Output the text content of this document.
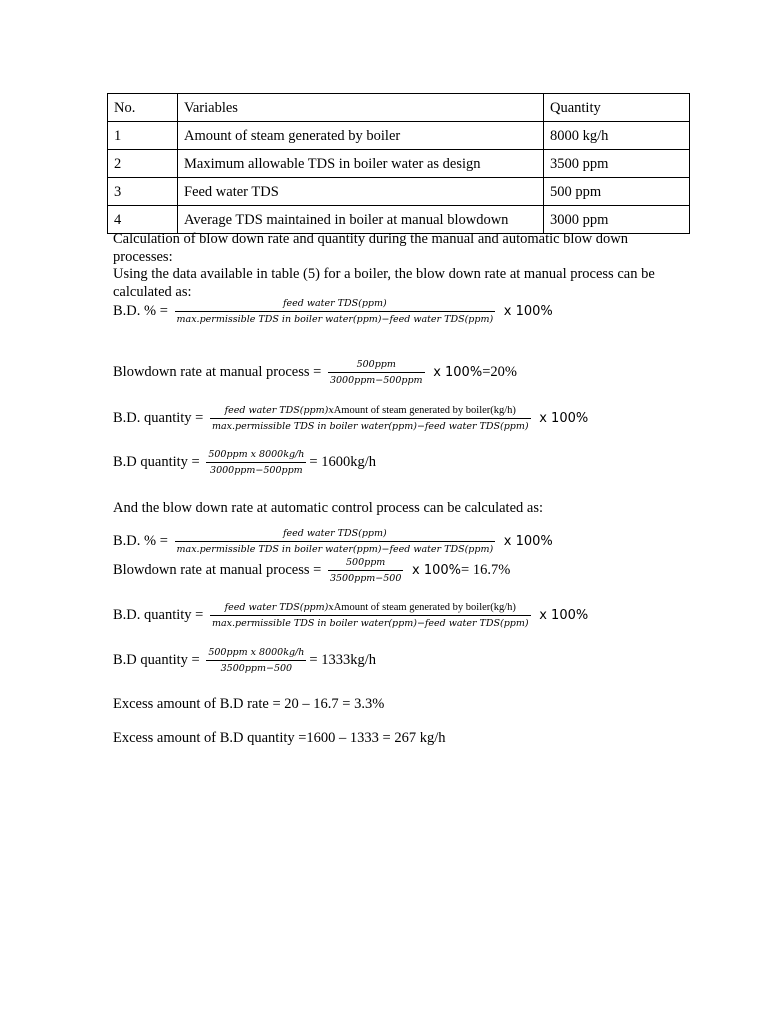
No.	Variables	Quantity
1	Amount of steam generated by boiler	8000 kg/h
2	Maximum allowable TDS in boiler water as design	3500 ppm
3	Feed water TDS	500 ppm
4	Average TDS maintained in boiler at manual blowdown	3000 ppm
Calculation of blow down rate and quantity during the manual and automatic blow down processes:
Using the data available in table (5) for a boiler, the blow down rate at manual process can be calculated as:
B.D. % = $\frac{\text{feed water TDS(ppm)}}{\text{max.permissible TDS in boiler water(ppm)−feed water TDS(ppm)}}$ x 100%
Blowdown rate at manual process = $\frac{\text{500ppm}}{\text{3000ppm−500ppm}}$ x 100%=20%
B.D. quantity =	feed water TDS(ppm)xAmount of steam generated by boiler(kg/h)
max.permissible TDS in boiler water(ppm)−feed water TDS(ppm)
x 100%
B.D quantity = $\frac{\text{500ppm x 8000kg/h}}{\text{3000ppm−500ppm}} = 1600kg/h$
And the blow down rate at automatic control process can be calculated as:
B.D. % = $\frac{\text{feed water TDS(ppm)}}{\text{max.permissible TDS in boiler water(ppm)−feed water TDS(ppm)}}$ x 100%
Blowdown rate at manual process = $\frac{\text{500ppm}}{\text{3500ppm−500}}$ x 100%= 16.7%
B.D. quantity =	feed water TDS(ppm)xAmount of steam generated by boiler(kg/h)
max.permissible TDS in boiler water(ppm)−feed water TDS(ppm)
x 100%
B.D quantity = $\frac{\text{500ppm x 8000kg/h}}{\text{3500ppm−500}} = 1333kg/h$
Excess amount of B.D rate = 20 – 16.7 = 3.3%
Excess amount of B.D quantity =1600 – 1333 = 267 kg/h
